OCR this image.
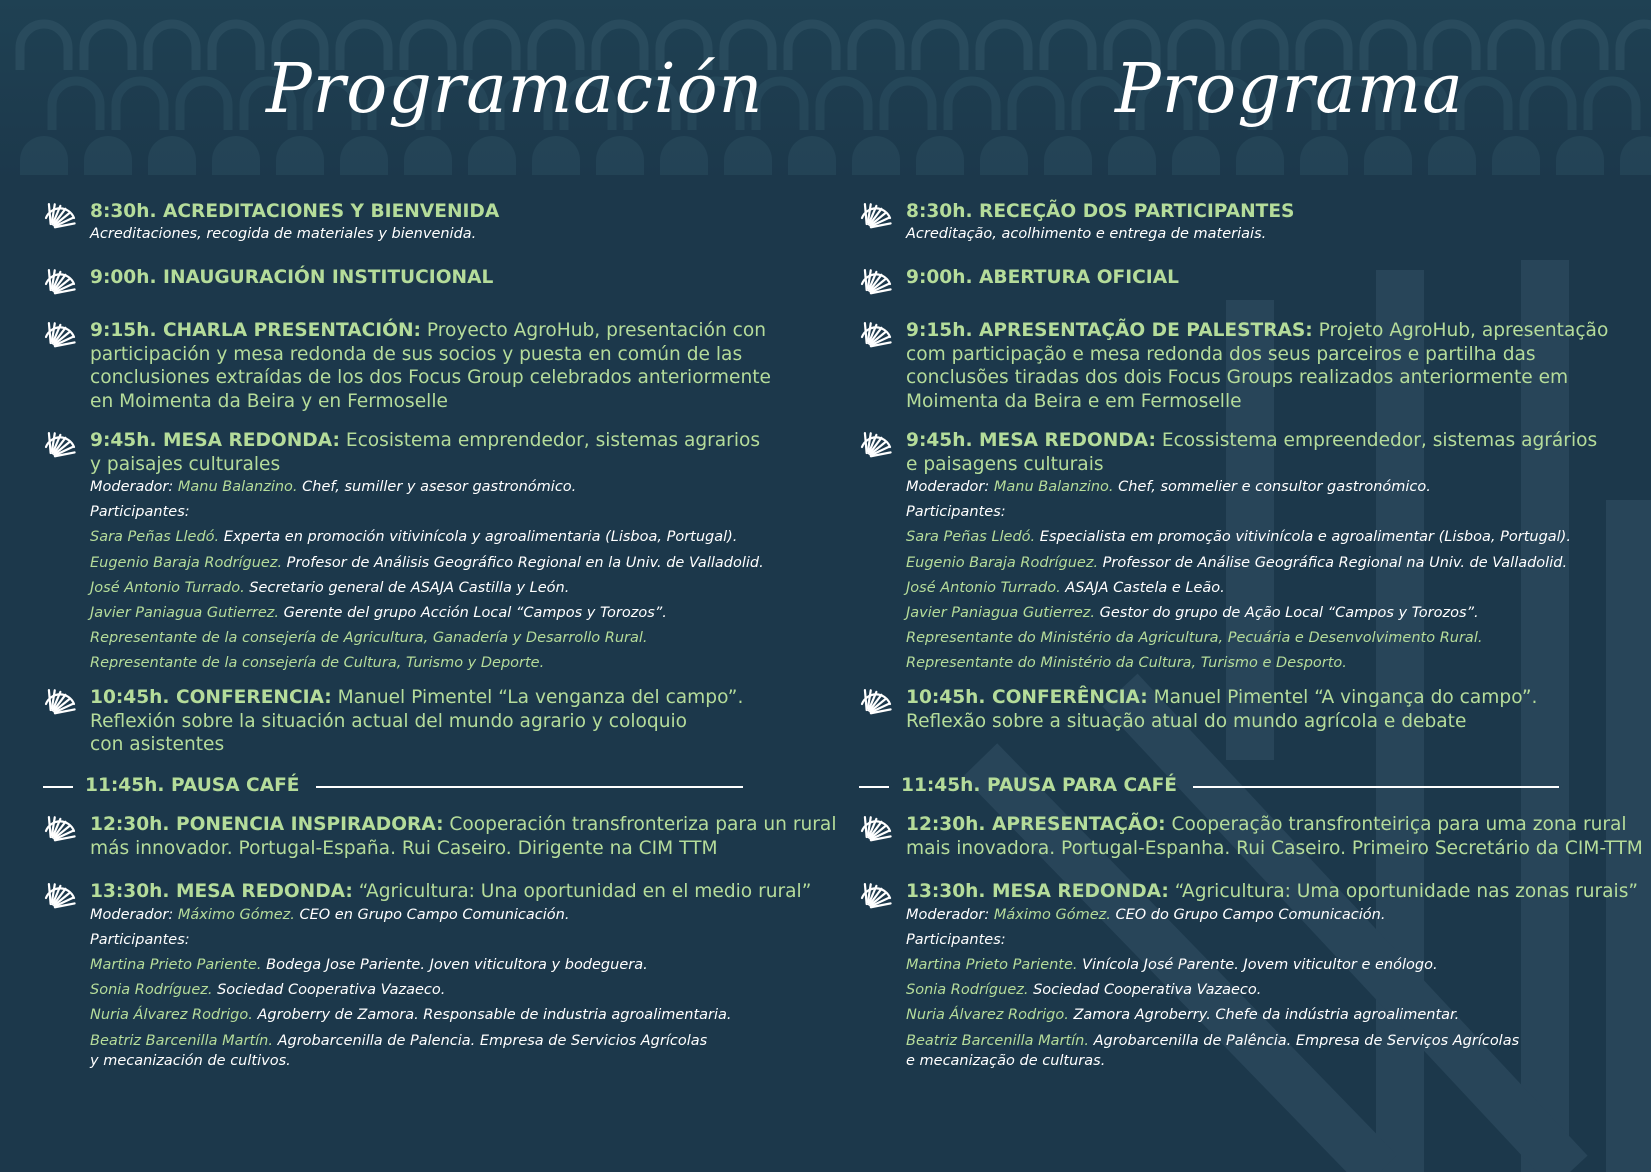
Programación	Programa
8:30h. ACREDITACIONES Y BIENVENIDA
Acreditaciones, recogida de materiales y bienvenida.
9:00h. INAUGURACIÓN INSTITUCIONAL
9:15h. CHARLA PRESENTACIÓN: Proyecto AgroHub, presentación con
participación y mesa redonda de sus socios y puesta en común de las
conclusiones extraídas de los dos Focus Group celebrados anteriormente
en Moimenta da Beira y en Fermoselle
9:45h. MESA REDONDA: Ecosistema emprendedor, sistemas agrarios
y paisajes culturales
Moderador: Manu Balanzino. Chef, sumiller y asesor gastronómico.
Participantes:
Sara Peñas Lledó. Experta en promoción vitivinícola y agroalimentaria (Lisboa, Portugal).
Eugenio Baraja Rodríguez. Profesor de Análisis Geográfico Regional en la Univ. de Valladolid.
José Antonio Turrado. Secretario general de ASAJA Castilla y León.
Javier Paniagua Gutierrez. Gerente del grupo Acción Local “Campos y Torozos”.
Representante de la consejería de Agricultura, Ganadería y Desarrollo Rural.
Representante de la consejería de Cultura, Turismo y Deporte.
10:45h. CONFERENCIA: Manuel Pimentel “La venganza del campo”.
Reflexión sobre la situación actual del mundo agrario y coloquio
con asistentes
11:45h. PAUSA CAFÉ
12:30h. PONENCIA INSPIRADORA: Cooperación transfronteriza para un rural
más innovador. Portugal-España. Rui Caseiro. Dirigente na CIM TTM
13:30h. MESA REDONDA: “Agricultura: Una oportunidad en el medio rural”
Moderador: Máximo Gómez. CEO en Grupo Campo Comunicación.
Participantes:
Martina Prieto Pariente. Bodega Jose Pariente. Joven viticultora y bodeguera.
Sonia Rodríguez. Sociedad Cooperativa Vazaeco.
Nuria Álvarez Rodrigo. Agroberry de Zamora. Responsable de industria agroalimentaria.
Beatriz Barcenilla Martín. Agrobarcenilla de Palencia. Empresa de Servicios Agrícolas
y mecanización de cultivos.
8:30h. RECEÇÃO DOS PARTICIPANTES
Acreditação, acolhimento e entrega de materiais.
9:00h. ABERTURA OFICIAL
9:15h. APRESENTAÇÃO DE PALESTRAS: Projeto AgroHub, apresentação
com participação e mesa redonda dos seus parceiros e partilha das
conclusões tiradas dos dois Focus Groups realizados anteriormente em
Moimenta da Beira e em Fermoselle
9:45h. MESA REDONDA: Ecossistema empreendedor, sistemas agrários
e paisagens culturais
Moderador: Manu Balanzino. Chef, sommelier e consultor gastronómico.
Participantes:
Sara Peñas Lledó. Especialista em promoção vitivinícola e agroalimentar (Lisboa, Portugal).
Eugenio Baraja Rodríguez. Professor de Análise Geográfica Regional na Univ. de Valladolid.
José Antonio Turrado. ASAJA Castela e Leão.
Javier Paniagua Gutierrez. Gestor do grupo de Ação Local “Campos y Torozos”.
Representante do Ministério da Agricultura, Pecuária e Desenvolvimento Rural.
Representante do Ministério da Cultura, Turismo e Desporto.
10:45h. CONFERÊNCIA: Manuel Pimentel “A vingança do campo”.
Reflexão sobre a situação atual do mundo agrícola e debate
11:45h. PAUSA PARA CAFÉ
12:30h. APRESENTAÇÃO: Cooperação transfronteiriça para uma zona rural
mais inovadora. Portugal-Espanha. Rui Caseiro. Primeiro Secretário da CIM-TTM
13:30h. MESA REDONDA: “Agricultura: Uma oportunidade nas zonas rurais”
Moderador: Máximo Gómez. CEO do Grupo Campo Comunicación.
Participantes:
Martina Prieto Pariente. Vinícola José Parente. Jovem viticultor e enólogo.
Sonia Rodríguez. Sociedad Cooperativa Vazaeco.
Nuria Álvarez Rodrigo. Zamora Agroberry. Chefe da indústria agroalimentar.
Beatriz Barcenilla Martín. Agrobarcenilla de Palência. Empresa de Serviços Agrícolas
e mecanização de culturas.
